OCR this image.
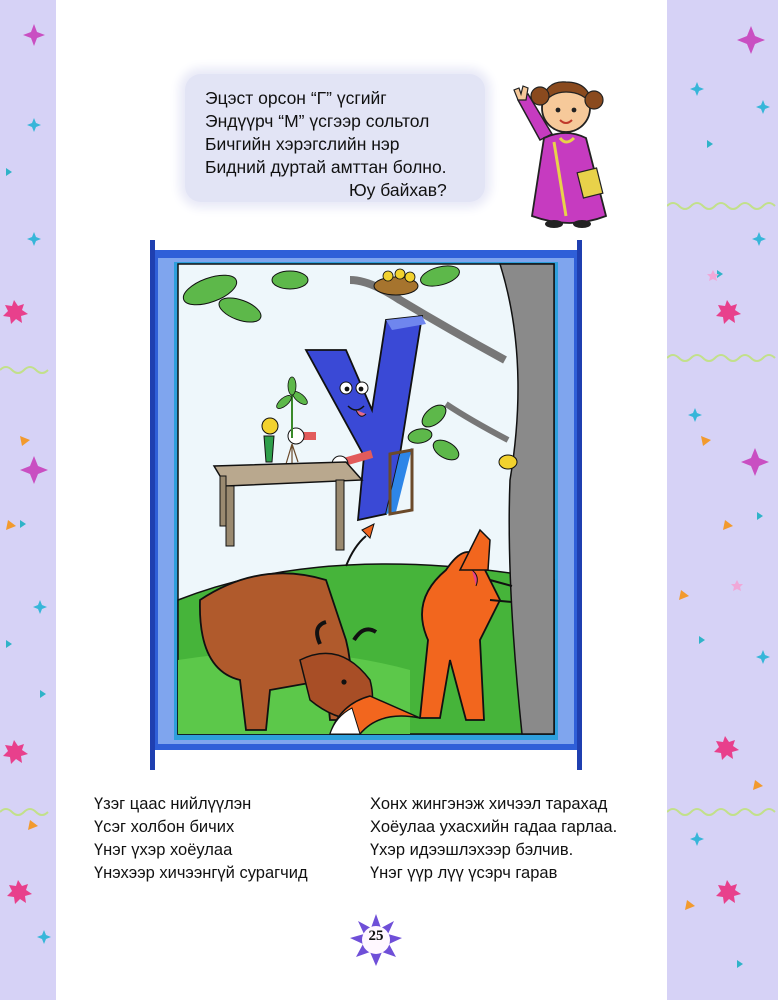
Эцэст орсон “Г” үсгийг
Эндүүрч “М” үсгээр сольтол
Бичгийн хэрэгслийн нэр
Бидний дуртай амттан болно.
Юу байхав?
Үзэг цаас нийлүүлэн
Үсэг холбон бичих
Үнэг үхэр хоёулаа
Үнэхээр хичээнгүй сурагчид
Хонх жингэнэж хичээл тарахад
Хоёулаа ухасхийн гадаа гарлаа.
Үхэр идээшлэхээр бэлчив.
Үнэг үүр лүү үсэрч гарав
25
